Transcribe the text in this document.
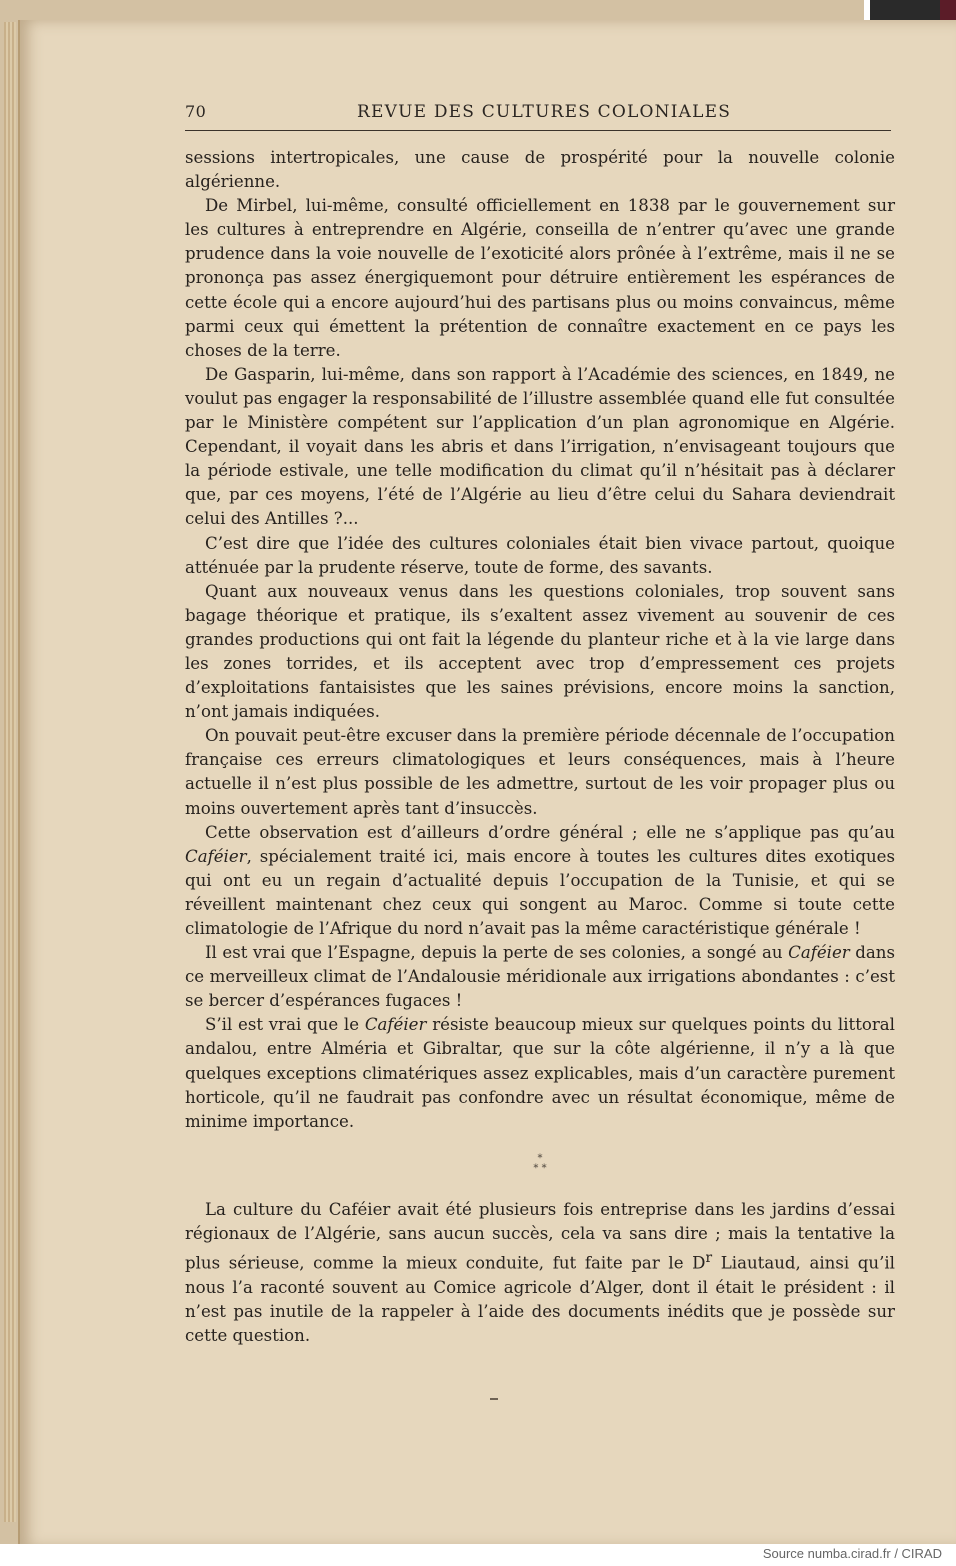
70	REVUE DES CULTURES COLONIALES

sessions intertropicales, une cause de prospérité pour la nouvelle colonie algérienne.

De Mirbel, lui-même, consulté officiellement en 1838 par le gouvernement sur les cultures à entreprendre en Algérie, conseilla de n’entrer qu’avec une grande prudence dans la voie nouvelle de l’exoticité alors prônée à l’extrême, mais il ne se prononça pas assez énergiquemont pour détruire entièrement les espérances de cette école qui a encore aujourd’hui des partisans plus ou moins convaincus, même parmi ceux qui émettent la prétention de connaître exactement en ce pays les choses de la terre.

De Gasparin, lui-même, dans son rapport à l’Académie des sciences, en 1849, ne voulut pas engager la responsabilité de l’illustre assemblée quand elle fut consultée par le Ministère compétent sur l’application d’un plan agronomique en Algérie. Cependant, il voyait dans les abris et dans l’irrigation, n’envisageant toujours que la période estivale, une telle modification du climat qu’il n’hésitait pas à déclarer que, par ces moyens, l’été de l’Algérie au lieu d’être celui du Sahara deviendrait celui des Antilles ?...

C’est dire que l’idée des cultures coloniales était bien vivace partout, quoique atténuée par la prudente réserve, toute de forme, des savants.

Quant aux nouveaux venus dans les questions coloniales, trop souvent sans bagage théorique et pratique, ils s’exaltent assez vivement au souvenir de ces grandes productions qui ont fait la légende du planteur riche et à la vie large dans les zones torrides, et ils acceptent avec trop d’empressement ces projets d’exploitations fantaisistes que les saines prévisions, encore moins la sanction, n’ont jamais indiquées.

On pouvait peut-être excuser dans la première période décennale de l’occupation française ces erreurs climatologiques et leurs conséquences, mais à l’heure actuelle il n’est plus possible de les admettre, surtout de les voir propager plus ou moins ouvertement après tant d’insuccès.

Cette observation est d’ailleurs d’ordre général ; elle ne s’applique pas qu’au Caféier, spécialement traité ici, mais encore à toutes les cultures dites exotiques qui ont eu un regain d’actualité depuis l’occupation de la Tunisie, et qui se réveillent maintenant chez ceux qui songent au Maroc. Comme si toute cette climatologie de l’Afrique du nord n’avait pas la même caractéristique générale !

Il est vrai que l’Espagne, depuis la perte de ses colonies, a songé au Caféier dans ce merveilleux climat de l’Andalousie méridionale aux irrigations abondantes : c’est se bercer d’espérances fugaces !

S’il est vrai que le Caféier résiste beaucoup mieux sur quelques points du littoral andalou, entre Alméria et Gibraltar, que sur la côte algérienne, il n’y a là que quelques exceptions climatériques assez explicables, mais d’un caractère purement horticole, qu’il ne faudrait pas confondre avec un résultat économique, même de minime importance.

*
* *

La culture du Caféier avait été plusieurs fois entreprise dans les jardins d’essai régionaux de l’Algérie, sans aucun succès, cela va sans dire ; mais la tentative la plus sérieuse, comme la mieux conduite, fut faite par le $D^r$ Liautaud, ainsi qu’il nous l’a raconté souvent au Comice agricole d’Alger, dont il était le président : il n’est pas inutile de la rappeler à l’aide des documents inédits que je possède sur cette question.

Source numba.cirad.fr / CIRAD
